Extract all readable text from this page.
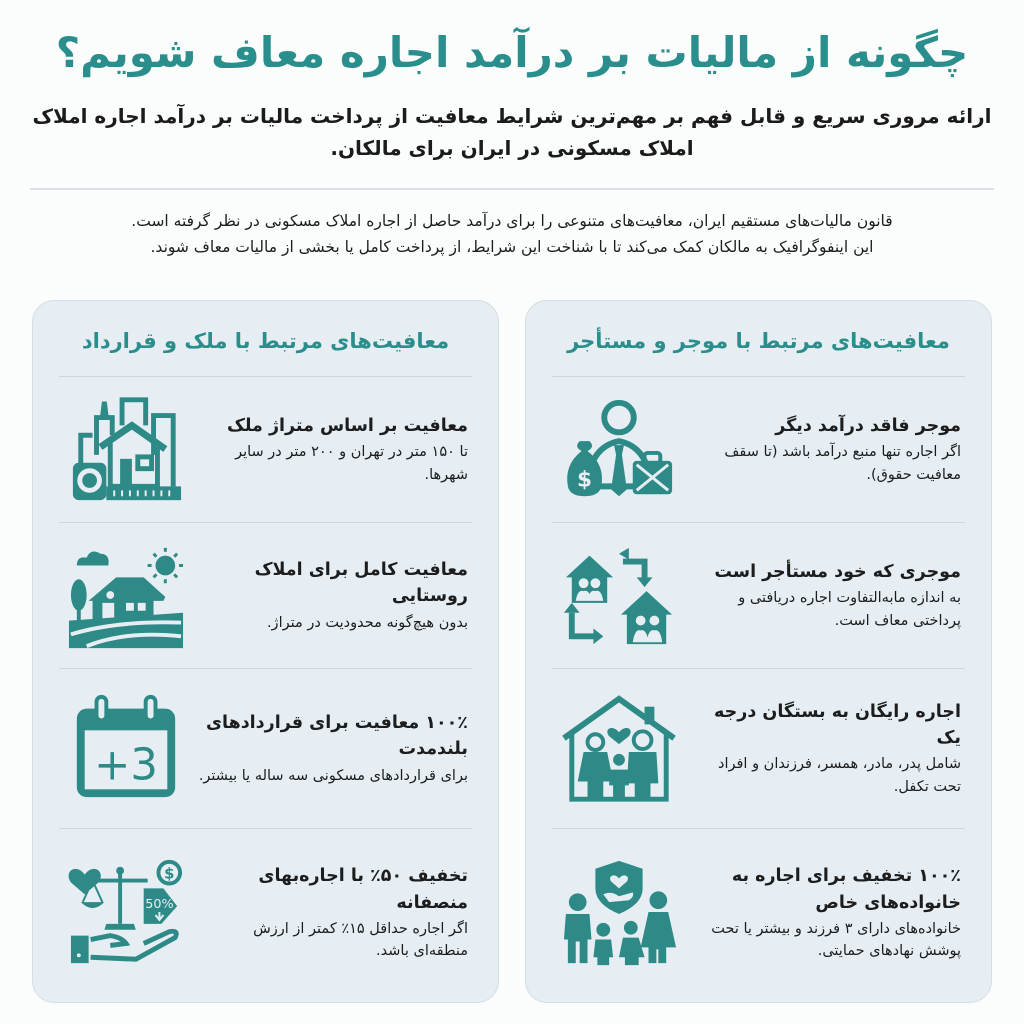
چگونه از مالیات بر درآمد اجاره معاف شویم؟
ارائه مروری سریع و قابل فهم بر مهم‌ترین شرایط معافیت از پرداخت مالیات بر درآمد اجاره املاک املاک مسکونی در ایران برای مالکان.
قانون مالیات‌های مستقیم ایران، معافیت‌های متنوعی را برای درآمد حاصل از اجاره املاک مسکونی در نظر گرفته است.
این اینفوگرافیک به مالکان کمک می‌کند تا با شناخت این شرایط، از پرداخت کامل یا بخشی از مالیات معاف شوند.
معافیت‌های مرتبط با موجر و مستأجر
موجر فاقد درآمد دیگر
اگر اجاره تنها منبع درآمد باشد (تا سقف معافیت حقوق).
$
موجری که خود مستأجر است
به اندازه مابه‌التفاوت اجاره دریافتی و پرداختی معاف است.
اجاره رایگان به بستگان درجه یک
شامل پدر، مادر، همسر، فرزندان و افراد تحت تکفل.
۱۰۰٪ تخفیف برای اجاره به خانواده‌های خاص
خانواده‌های دارای ۳ فرزند و بیشتر یا تحت پوشش نهادهای حمایتی.
معافیت‌های مرتبط با ملک و قرارداد
معافیت بر اساس متراژ ملک
تا ۱۵۰ متر در تهران و ۲۰۰ متر در سایر شهرها.
معافیت کامل برای املاک روستایی
بدون هیچ‌گونه محدودیت در متراژ.
۱۰۰٪ معافیت برای قراردادهای بلندمدت
برای قراردادهای مسکونی سه ساله یا بیشتر.
3+
تخفیف ۵۰٪ با اجاره‌بهای منصفانه
اگر اجاره حداقل ۱۵٪ کمتر از ارزش منطقه‌ای باشد.
$
50%
